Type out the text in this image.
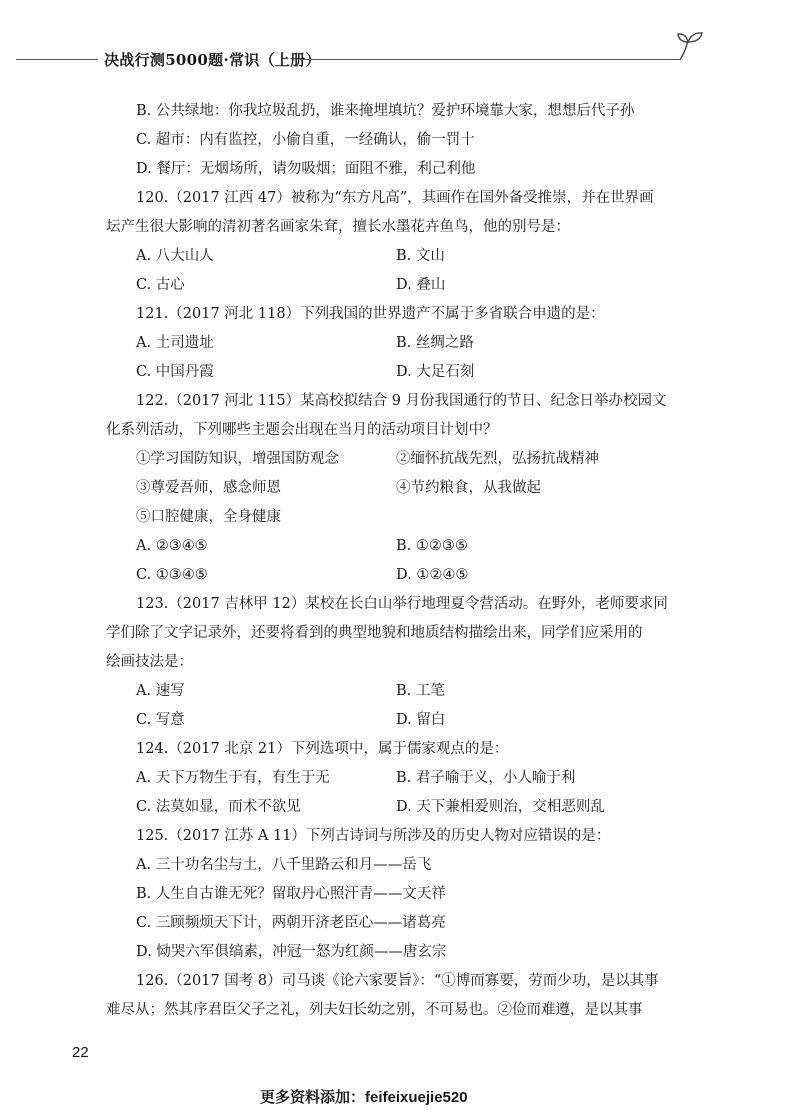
决战行测5000题·常识（上册）
B. 公共绿地：你我垃圾乱扔，谁来掩埋填坑？爱护环境靠大家，想想后代子孙
C. 超市：内有监控，小偷自重，一经确认，偷一罚十
D. 餐厅：无烟场所，请勿吸烟；面阻不雅，利己利他
120.（2017 江西 47）被称为“东方凡高”，其画作在国外备受推崇，并在世界画
坛产生很大影响的清初著名画家朱耷，擅长水墨花卉鱼鸟，他的别号是：
A. 八大山人	B. 文山
C. 古心	D. 叠山
121.（2017 河北 118）下列我国的世界遗产不属于多省联合申遗的是：
A. 土司遗址	B. 丝绸之路
C. 中国丹霞	D. 大足石刻
122.（2017 河北 115）某高校拟结合 9 月份我国通行的节日、纪念日举办校园文
化系列活动，下列哪些主题会出现在当月的活动项目计划中？
①学习国防知识，增强国防观念	②缅怀抗战先烈，弘扬抗战精神
③尊爱吾师，感念师恩	④节约粮食，从我做起
⑤口腔健康，全身健康
A. ②③④⑤	B. ①②③⑤
C. ①③④⑤	D. ①②④⑤
123.（2017 吉林甲 12）某校在长白山举行地理夏令营活动。在野外，老师要求同
学们除了文字记录外，还要将看到的典型地貌和地质结构描绘出来，同学们应采用的
绘画技法是：
A. 速写	B. 工笔
C. 写意	D. 留白
124.（2017 北京 21）下列选项中，属于儒家观点的是：
A. 天下万物生于有，有生于无	B. 君子喻于义，小人喻于利
C. 法莫如显，而术不欲见	D. 天下兼相爱则治，交相恶则乱
125.（2017 江苏 A 11）下列古诗词与所涉及的历史人物对应错误的是：
A. 三十功名尘与土，八千里路云和月——岳飞
B. 人生自古谁无死？留取丹心照汗青——文天祥
C. 三顾频烦天下计，两朝开济老臣心——诸葛亮
D. 恸哭六军俱缟素，冲冠一怒为红颜——唐玄宗
126.（2017 国考 8）司马谈《论六家要旨》：“①博而寡要，劳而少功，是以其事
难尽从；然其序君臣父子之礼，列夫妇长幼之别，不可易也。②俭而难遵，是以其事
22
更多资料添加：feifeixuejie520
